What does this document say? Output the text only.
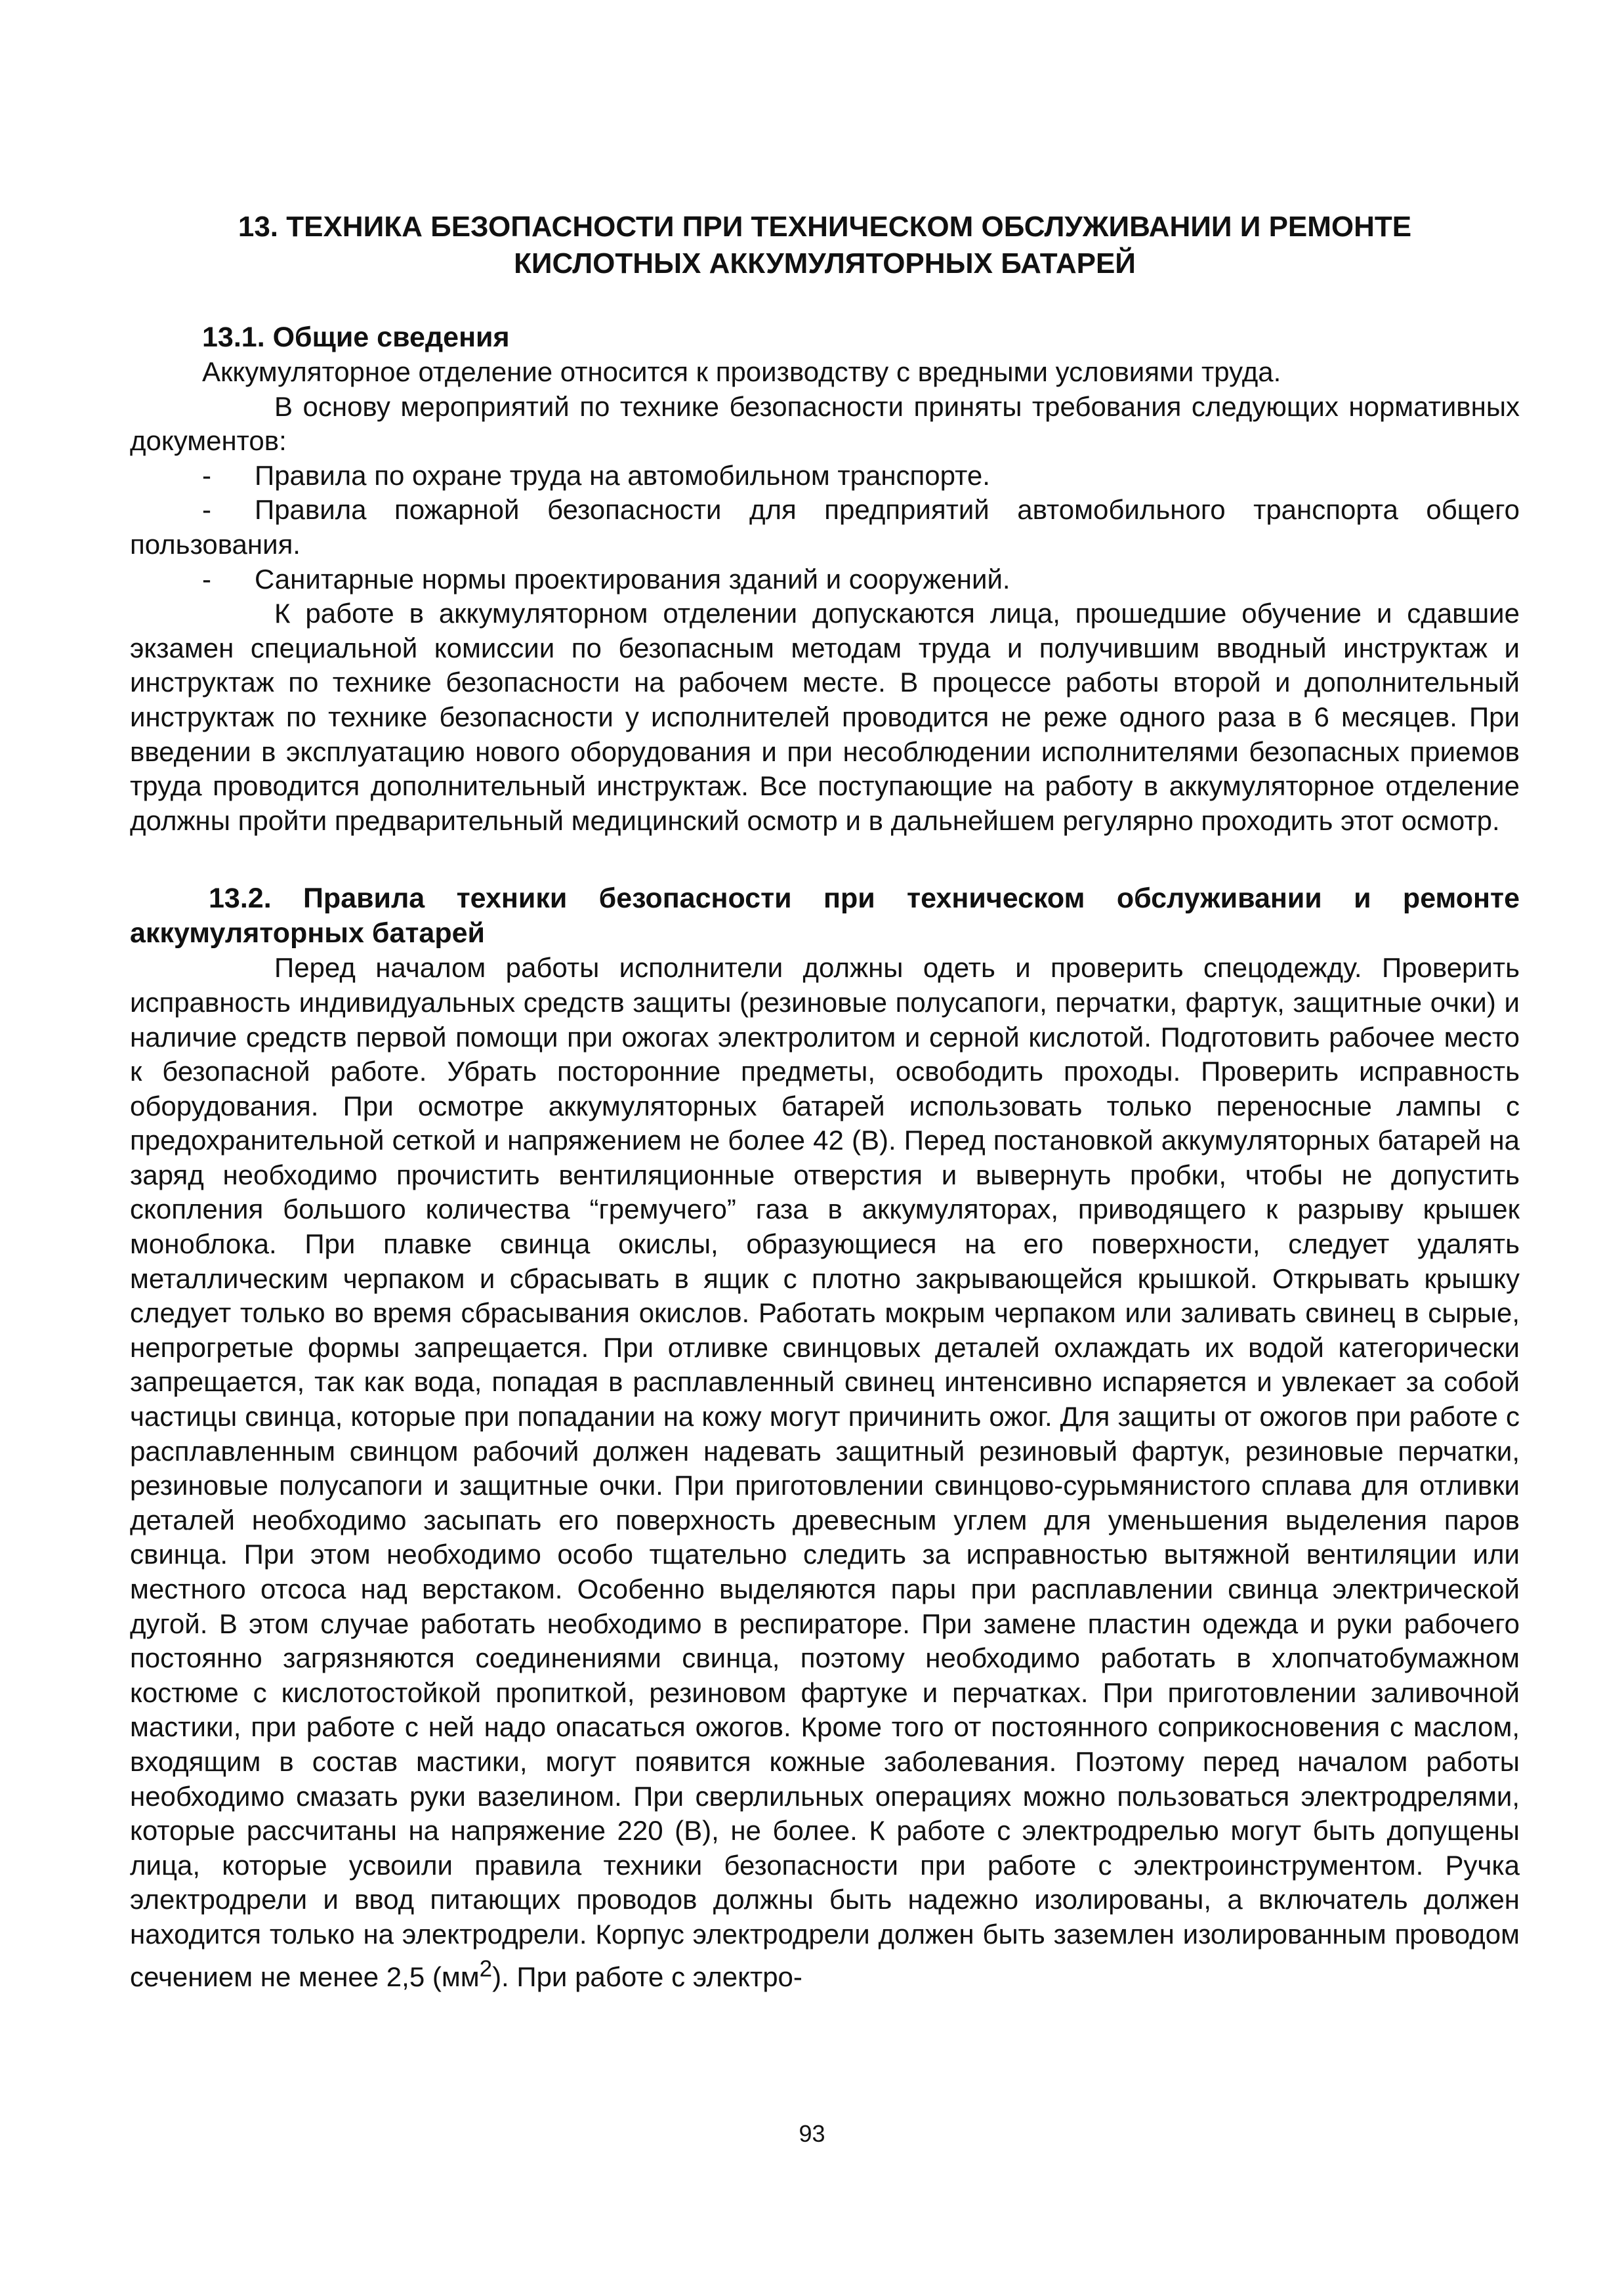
13. ТЕХНИКА БЕЗОПАСНОСТИ ПРИ ТЕХНИЧЕСКОМ ОБСЛУЖИВАНИИ И РЕМОНТЕ
КИСЛОТНЫХ АККУМУЛЯТОРНЫХ БАТАРЕЙ

13.1. Общие сведения

Аккумуляторное отделение относится к производству с вредными условиями труда.

В основу мероприятий по технике безопасности приняты требования следующих нормативных документов:

- Правила по охране труда на автомобильном транспорте.
- Правила пожарной безопасности для предприятий автомобильного транспорта общего пользования.
- Санитарные нормы проектирования зданий и сооружений.

К работе в аккумуляторном отделении допускаются лица, прошедшие обучение и сдавшие экзамен специальной комиссии по безопасным методам труда и получившим вводный инструктаж и инструктаж по технике безопасности на рабочем месте. В процессе работы второй и дополнительный инструктаж по технике безопасности у исполнителей проводится не реже одного раза в 6 месяцев. При введении в эксплуатацию нового оборудования и при несоблюдении исполнителями безопасных приемов труда проводится дополнительный инструктаж. Все поступающие на работу в аккумуляторное отделение должны пройти предварительный медицинский осмотр и в дальнейшем регулярно проходить этот осмотр.

13.2. Правила техники безопасности при техническом обслуживании и ремонте аккумуляторных батарей

Перед началом работы исполнители должны одеть и проверить спецодежду. Проверить исправность индивидуальных средств защиты (резиновые полусапоги, перчатки, фартук, защитные очки) и наличие средств первой помощи при ожогах электролитом и серной кислотой. Подготовить рабочее место к безопасной работе. Убрать посторонние предметы, освободить проходы. Проверить исправность оборудования. При осмотре аккумуляторных батарей использовать только переносные лампы с предохранительной сеткой и напряжением не более 42 (В). Перед постановкой аккумуляторных батарей на заряд необходимо прочистить вентиляционные отверстия и вывернуть пробки, чтобы не допустить скопления большого количества “гремучего” газа в аккумуляторах, приводящего к разрыву крышек моноблока. При плавке свинца окислы, образующиеся на его поверхности, следует удалять металлическим черпаком и сбрасывать в ящик с плотно закрывающейся крышкой. Открывать крышку следует только во время сбрасывания окислов. Работать мокрым черпаком или заливать свинец в сырые, непрогретые формы запрещается. При отливке свинцовых деталей охлаждать их водой категорически запрещается, так как вода, попадая в расплавленный свинец интенсивно испаряется и увлекает за собой частицы свинца, которые при попадании на кожу могут причинить ожог. Для защиты от ожогов при работе с расплавленным свинцом рабочий должен надевать защитный резиновый фартук, резиновые перчатки, резиновые полусапоги и защитные очки. При приготовлении свинцово-сурьмянистого сплава для отливки деталей необходимо засыпать его поверхность древесным углем для уменьшения выделения паров свинца. При этом необходимо особо тщательно следить за исправностью вытяжной вентиляции или местного отсоса над верстаком. Особенно выделяются пары при расплавлении свинца электрической дугой. В этом случае работать необходимо в респираторе. При замене пластин одежда и руки рабочего постоянно загрязняются соединениями свинца, поэтому необходимо работать в хлопчатобумажном костюме с кислотостойкой пропиткой, резиновом фартуке и перчатках. При приготовлении заливочной мастики, при работе с ней надо опасаться ожогов. Кроме того от постоянного соприкосновения с маслом, входящим в состав мастики, могут появится кожные заболевания. Поэтому перед началом работы необходимо смазать руки вазелином. При сверлильных операциях можно пользоваться электродрелями, которые рассчитаны на напряжение 220 (В), не более. К работе с электродрелью могут быть допущены лица, которые усвоили правила техники безопасности при работе с электроинструментом. Ручка электродрели и ввод питающих проводов должны быть надежно изолированы, а включатель должен находится только на электродрели. Корпус электродрели должен быть заземлен изолированным проводом сечением не менее 2,5 $(мм^2)$. При работе с электро-

93
